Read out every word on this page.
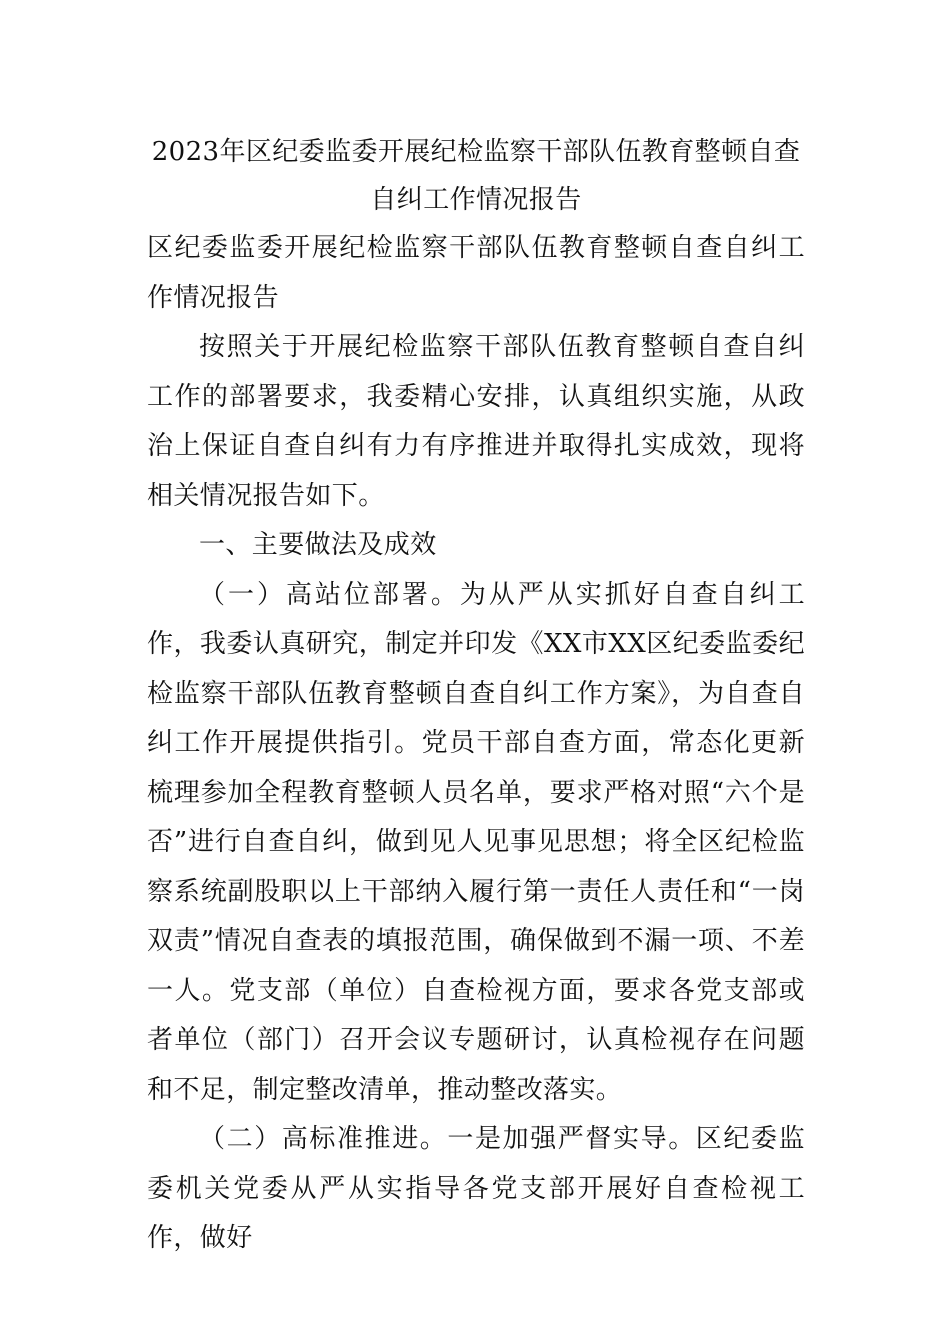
2023年区纪委监委开展纪检监察干部队伍教育整顿自查自纠工作情况报告

区纪委监委开展纪检监察干部队伍教育整顿自查自纠工作情况报告

按照关于开展纪检监察干部队伍教育整顿自查自纠工作的部署要求，我委精心安排，认真组织实施，从政治上保证自查自纠有力有序推进并取得扎实成效，现将相关情况报告如下。

一、主要做法及成效

（一）高站位部署。为从严从实抓好自查自纠工作，我委认真研究，制定并印发《XX市XX区纪委监委纪检监察干部队伍教育整顿自查自纠工作方案》，为自查自纠工作开展提供指引。党员干部自查方面，常态化更新梳理参加全程教育整顿人员名单，要求严格对照“六个是否”进行自查自纠，做到见人见事见思想；将全区纪检监察系统副股职以上干部纳入履行第一责任人责任和“一岗双责”情况自查表的填报范围，确保做到不漏一项、不差一人。党支部（单位）自查检视方面，要求各党支部或者单位（部门）召开会议专题研讨，认真检视存在问题和不足，制定整改清单，推动整改落实。

（二）高标准推进。一是加强严督实导。区纪委监委机关党委从严从实指导各党支部开展好自查检视工作，做好
